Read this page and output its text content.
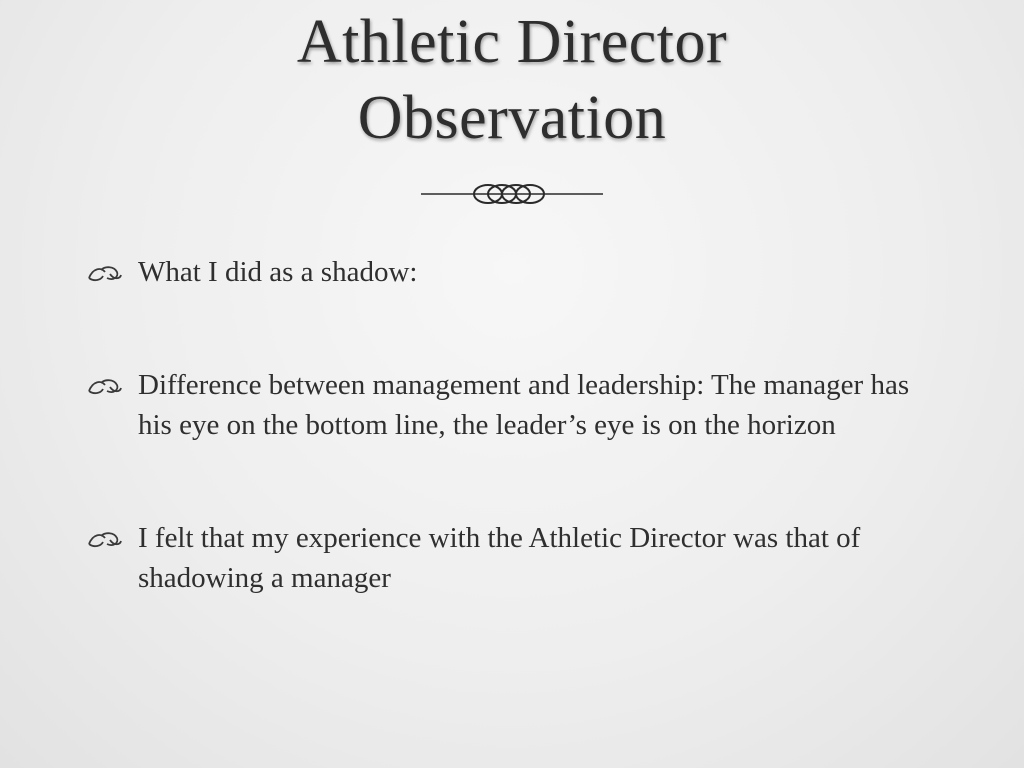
Athletic Director
Observation
What I did as a shadow:
Difference between management and leadership: The manager has his eye on the bottom line, the leader’s eye is on the horizon
I felt that my experience with the Athletic Director was that of shadowing a manager
